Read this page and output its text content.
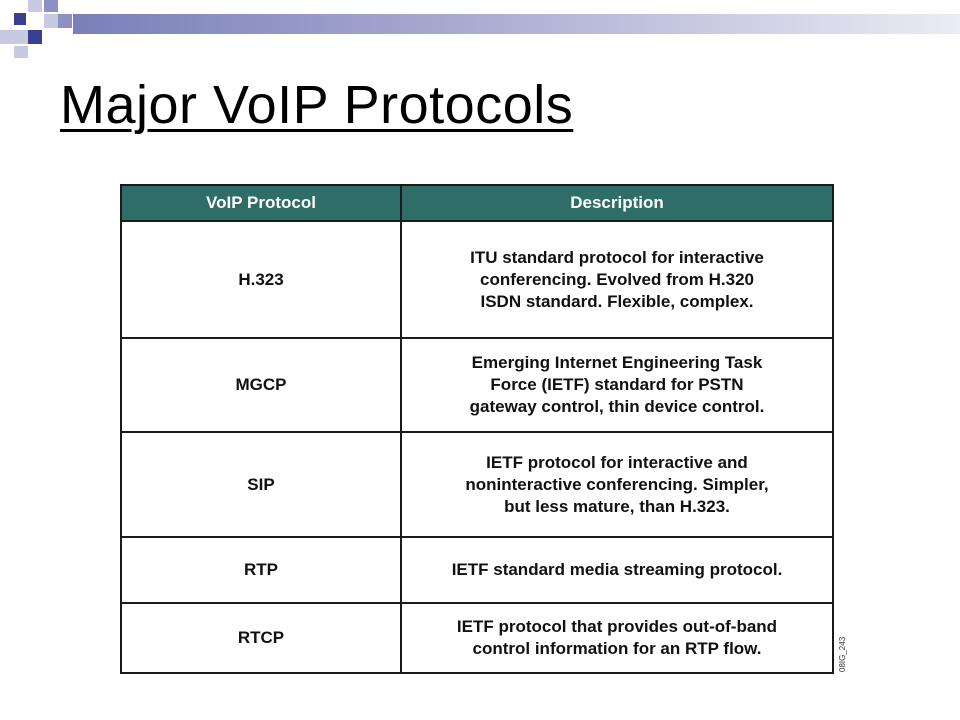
Major VoIP Protocols
VoIP Protocol	Description
H.323	ITU standard protocol for interactive
conferencing. Evolved from H.320
ISDN standard. Flexible, complex.
MGCP	Emerging Internet Engineering Task
Force (IETF) standard for PSTN
gateway control, thin device control.
SIP	IETF protocol for interactive and
noninteractive conferencing. Simpler,
but less mature, than H.323.
RTP	IETF standard media streaming protocol.
RTCP	IETF protocol that provides out-of-band
control information for an RTP flow.	08IG_243
